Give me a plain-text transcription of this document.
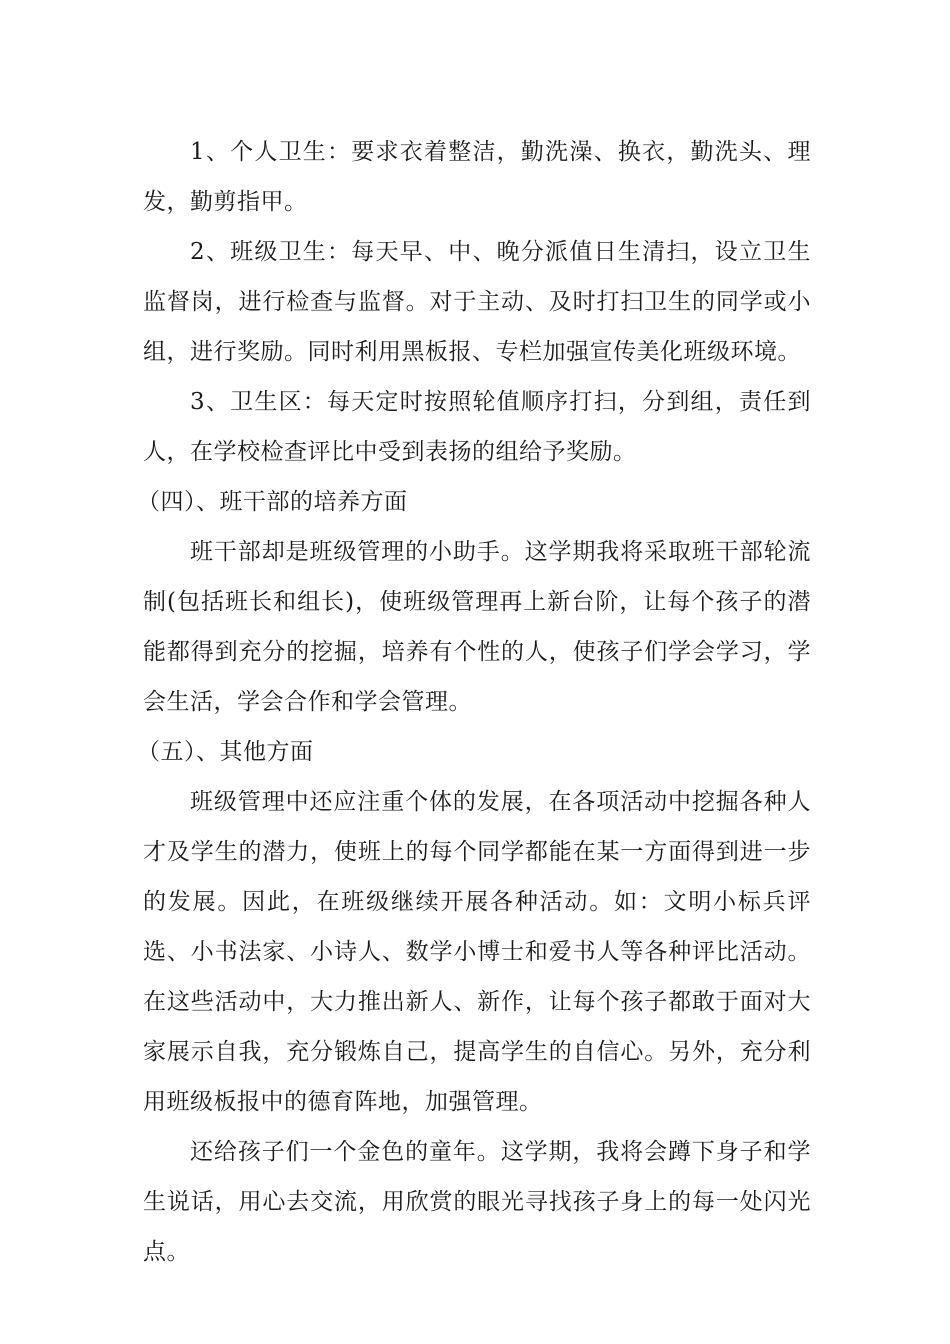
1、个人卫生：要求衣着整洁，勤洗澡、换衣，勤洗头、理发，勤剪指甲。

2、班级卫生：每天早、中、晚分派值日生清扫，设立卫生监督岗，进行检查与监督。对于主动、及时打扫卫生的同学或小组，进行奖励。同时利用黑板报、专栏加强宣传美化班级环境。

3、卫生区：每天定时按照轮值顺序打扫，分到组，责任到人，在学校检查评比中受到表扬的组给予奖励。

（四）、班干部的培养方面

班干部却是班级管理的小助手。这学期我将采取班干部轮流制(包括班长和组长)，使班级管理再上新台阶，让每个孩子的潜能都得到充分的挖掘，培养有个性的人，使孩子们学会学习，学会生活，学会合作和学会管理。

（五）、其他方面

班级管理中还应注重个体的发展，在各项活动中挖掘各种人才及学生的潜力，使班上的每个同学都能在某一方面得到进一步的发展。因此，在班级继续开展各种活动。如：文明小标兵评选、小书法家、小诗人、数学小博士和爱书人等各种评比活动。在这些活动中，大力推出新人、新作，让每个孩子都敢于面对大家展示自我，充分锻炼自己，提高学生的自信心。另外，充分利用班级板报中的德育阵地，加强管理。

还给孩子们一个金色的童年。这学期，我将会蹲下身子和学生说话，用心去交流，用欣赏的眼光寻找孩子身上的每一处闪光点。
